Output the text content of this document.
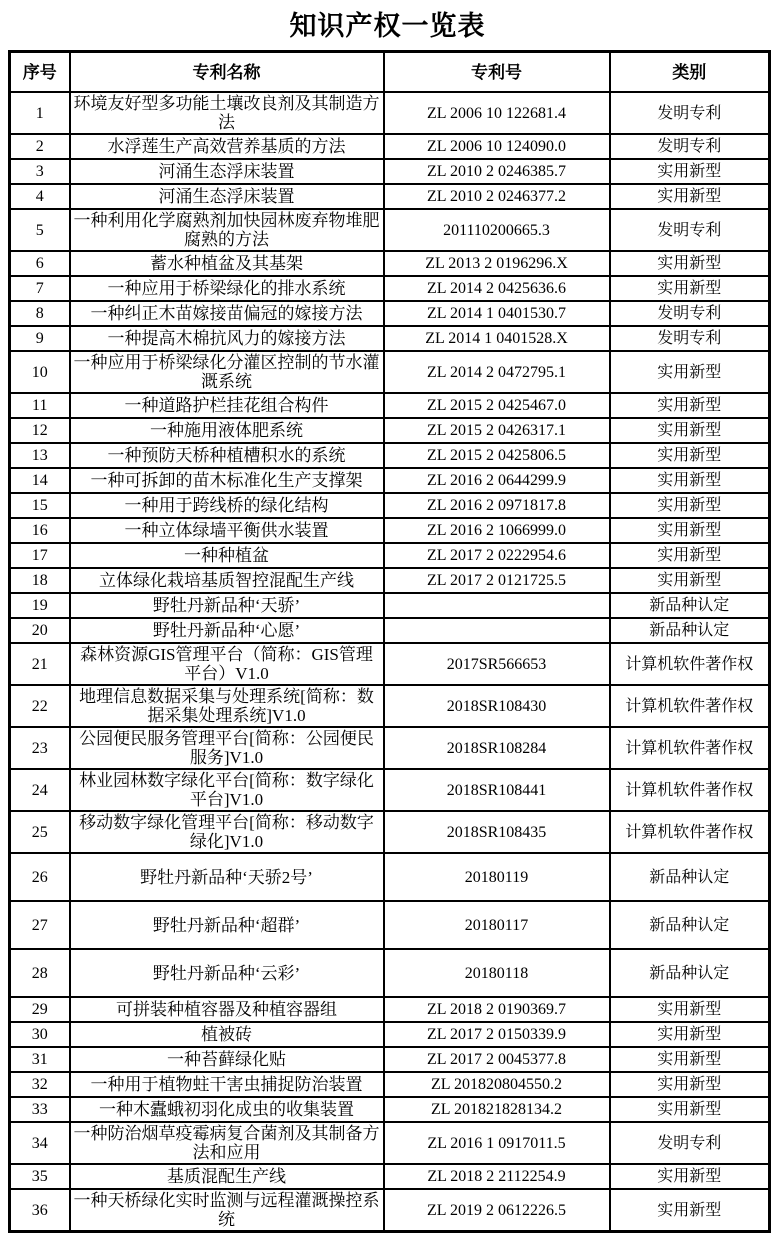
知识产权一览表
序号	专利名称	专利号	类别
1	环境友好型多功能土壤改良剂及其制造方法	ZL 2006 10 122681.4	发明专利
2	水浮莲生产高效营养基质的方法	ZL 2006 10 124090.0	发明专利
3	河涌生态浮床装置	ZL 2010 2 0246385.7	实用新型
4	河涌生态浮床装置	ZL 2010 2 0246377.2	实用新型
5	一种利用化学腐熟剂加快园林废弃物堆肥腐熟的方法	201110200665.3	发明专利
6	蓄水种植盆及其基架	ZL 2013 2 0196296.X	实用新型
7	一种应用于桥梁绿化的排水系统	ZL 2014 2 0425636.6	实用新型
8	一种纠正木苗嫁接苗偏冠的嫁接方法	ZL 2014 1 0401530.7	发明专利
9	一种提高木棉抗风力的嫁接方法	ZL 2014 1 0401528.X	发明专利
10	一种应用于桥梁绿化分灌区控制的节水灌溉系统	ZL 2014 2 0472795.1	实用新型
11	一种道路护栏挂花组合构件	ZL 2015 2 0425467.0	实用新型
12	一种施用液体肥系统	ZL 2015 2 0426317.1	实用新型
13	一种预防天桥种植槽积水的系统	ZL 2015 2 0425806.5	实用新型
14	一种可拆卸的苗木标准化生产支撑架	ZL 2016 2 0644299.9	实用新型
15	一种用于跨线桥的绿化结构	ZL 2016 2 0971817.8	实用新型
16	一种立体绿墙平衡供水装置	ZL 2016 2 1066999.0	实用新型
17	一种种植盆	ZL 2017 2 0222954.6	实用新型
18	立体绿化栽培基质智控混配生产线	ZL 2017 2 0121725.5	实用新型
19	野牡丹新品种‘天骄’		新品种认定
20	野牡丹新品种‘心愿’		新品种认定
21	森林资源GIS管理平台（简称：GIS管理平台）V1.0	2017SR566653	计算机软件著作权
22	地理信息数据采集与处理系统[简称：数据采集处理系统]V1.0	2018SR108430	计算机软件著作权
23	公园便民服务管理平台[简称：公园便民服务]V1.0	2018SR108284	计算机软件著作权
24	林业园林数字绿化平台[简称：数字绿化平台]V1.0	2018SR108441	计算机软件著作权
25	移动数字绿化管理平台[简称：移动数字绿化]V1.0	2018SR108435	计算机软件著作权
26	野牡丹新品种‘天骄2号’	20180119	新品种认定
27	野牡丹新品种‘超群’	20180117	新品种认定
28	野牡丹新品种‘云彩’	20180118	新品种认定
29	可拼装种植容器及种植容器组	ZL 2018 2 0190369.7	实用新型
30	植被砖	ZL 2017 2 0150339.9	实用新型
31	一种苔藓绿化贴	ZL 2017 2 0045377.8	实用新型
32	一种用于植物蛀干害虫捕捉防治装置	ZL 201820804550.2	实用新型
33	一种木蠹蛾初羽化成虫的收集装置	ZL 201821828134.2	实用新型
34	一种防治烟草疫霉病复合菌剂及其制备方法和应用	ZL 2016 1 0917011.5	发明专利
35	基质混配生产线	ZL 2018 2 2112254.9	实用新型
36	一种天桥绿化实时监测与远程灌溉操控系统	ZL 2019 2 0612226.5	实用新型
